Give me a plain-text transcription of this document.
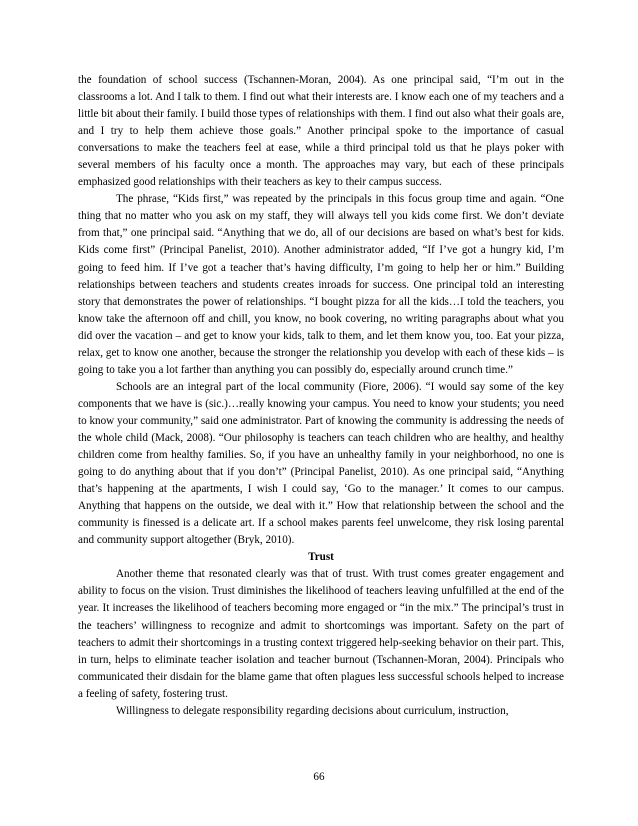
the foundation of school success (Tschannen-Moran, 2004). As one principal said, “I’m out in the classrooms a lot. And I talk to them. I find out what their interests are. I know each one of my teachers and a little bit about their family. I build those types of relationships with them. I find out also what their goals are, and I try to help them achieve those goals.” Another principal spoke to the importance of casual conversations to make the teachers feel at ease, while a third principal told us that he plays poker with several members of his faculty once a month. The approaches may vary, but each of these principals emphasized good relationships with their teachers as key to their campus success.

The phrase, “Kids first,” was repeated by the principals in this focus group time and again. “One thing that no matter who you ask on my staff, they will always tell you kids come first. We don’t deviate from that,” one principal said. “Anything that we do, all of our decisions are based on what’s best for kids. Kids come first” (Principal Panelist, 2010). Another administrator added, “If I’ve got a hungry kid, I’m going to feed him. If I’ve got a teacher that’s having difficulty, I’m going to help her or him.” Building relationships between teachers and students creates inroads for success. One principal told an interesting story that demonstrates the power of relationships. “I bought pizza for all the kids…I told the teachers, you know take the afternoon off and chill, you know, no book covering, no writing paragraphs about what you did over the vacation – and get to know your kids, talk to them, and let them know you, too. Eat your pizza, relax, get to know one another, because the stronger the relationship you develop with each of these kids – is going to take you a lot farther than anything you can possibly do, especially around crunch time.”

Schools are an integral part of the local community (Fiore, 2006). “I would say some of the key components that we have is (sic.)…really knowing your campus. You need to know your students; you need to know your community,” said one administrator. Part of knowing the community is addressing the needs of the whole child (Mack, 2008). “Our philosophy is teachers can teach children who are healthy, and healthy children come from healthy families. So, if you have an unhealthy family in your neighborhood, no one is going to do anything about that if you don’t” (Principal Panelist, 2010). As one principal said, “Anything that’s happening at the apartments, I wish I could say, ‘Go to the manager.’ It comes to our campus. Anything that happens on the outside, we deal with it.” How that relationship between the school and the community is finessed is a delicate art. If a school makes parents feel unwelcome, they risk losing parental and community support altogether (Bryk, 2010).

Trust

Another theme that resonated clearly was that of trust. With trust comes greater engagement and ability to focus on the vision. Trust diminishes the likelihood of teachers leaving unfulfilled at the end of the year. It increases the likelihood of teachers becoming more engaged or “in the mix.” The principal’s trust in the teachers’ willingness to recognize and admit to shortcomings was important. Safety on the part of teachers to admit their shortcomings in a trusting context triggered help-seeking behavior on their part. This, in turn, helps to eliminate teacher isolation and teacher burnout (Tschannen-Moran, 2004). Principals who communicated their disdain for the blame game that often plagues less successful schools helped to increase a feeling of safety, fostering trust.

Willingness to delegate responsibility regarding decisions about curriculum, instruction,

66
